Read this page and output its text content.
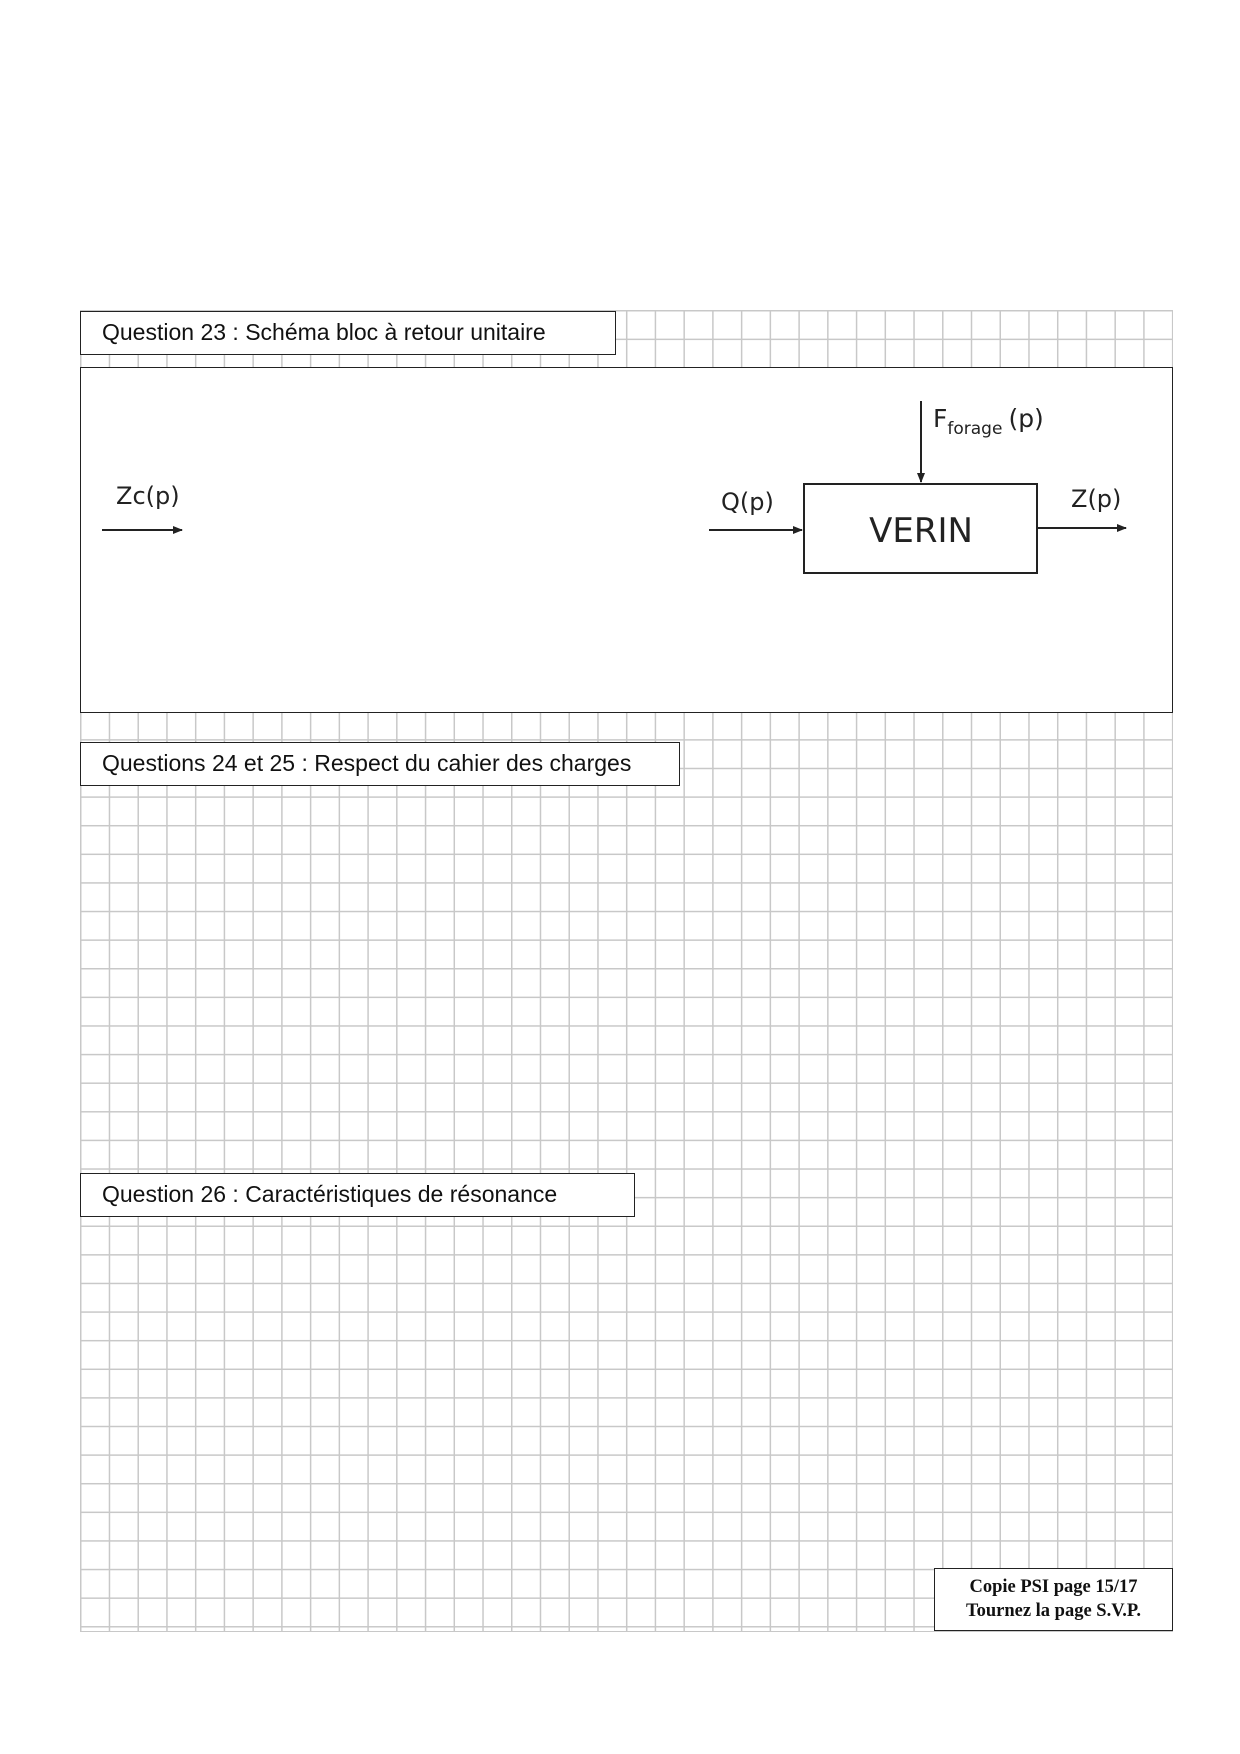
Question 23 : Schéma bloc à retour unitaire
Zc(p)	Q(p)
VERIN
Fforage (p)
Z(p)
Questions 24 et 25 : Respect du cahier des charges
Question 26 : Caractéristiques de résonance
Copie PSI page 15/17
Tournez la page S.V.P.
